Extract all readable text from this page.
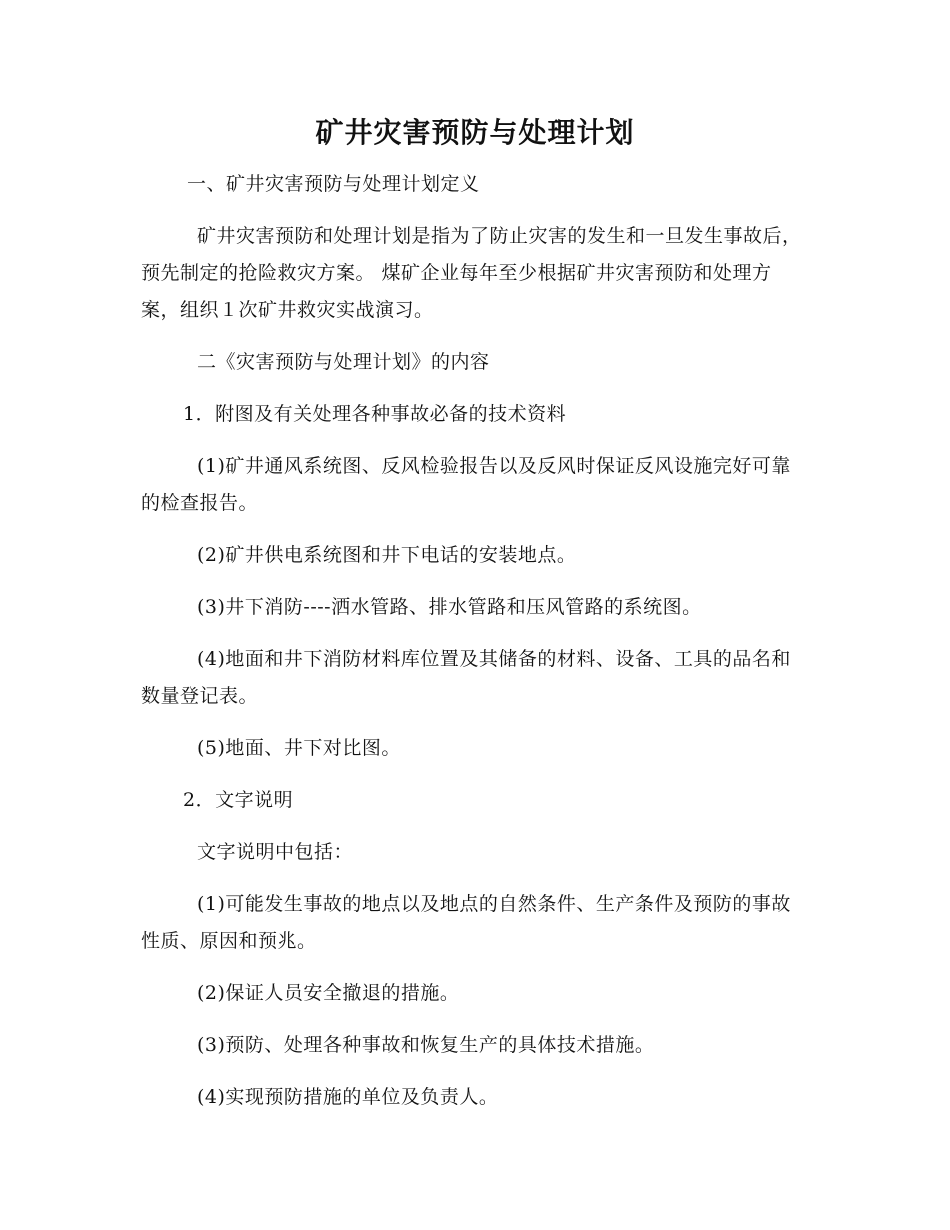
矿井灾害预防与处理计划

一、矿井灾害预防与处理计划定义

矿井灾害预防和处理计划是指为了防止灾害的发生和一旦发生事故后，预先制定的抢险救灾方案。 煤矿企业每年至少根据矿井灾害预防和处理方案，组织１次矿井救灾实战演习。

二《灾害预防与处理计划》的内容

1．附图及有关处理各种事故必备的技术资料

(1)矿井通风系统图、反风检验报告以及反风时保证反风设施完好可靠的检查报告。

(2)矿井供电系统图和井下电话的安装地点。

(3)井下消防----洒水管路、排水管路和压风管路的系统图。

(4)地面和井下消防材料库位置及其储备的材料、设备、工具的品名和数量登记表。

(5)地面、井下对比图。

2．文字说明

文字说明中包括：

(1)可能发生事故的地点以及地点的自然条件、生产条件及预防的事故性质、原因和预兆。

(2)保证人员安全撤退的措施。

(3)预防、处理各种事故和恢复生产的具体技术措施。

(4)实现预防措施的单位及负责人。
